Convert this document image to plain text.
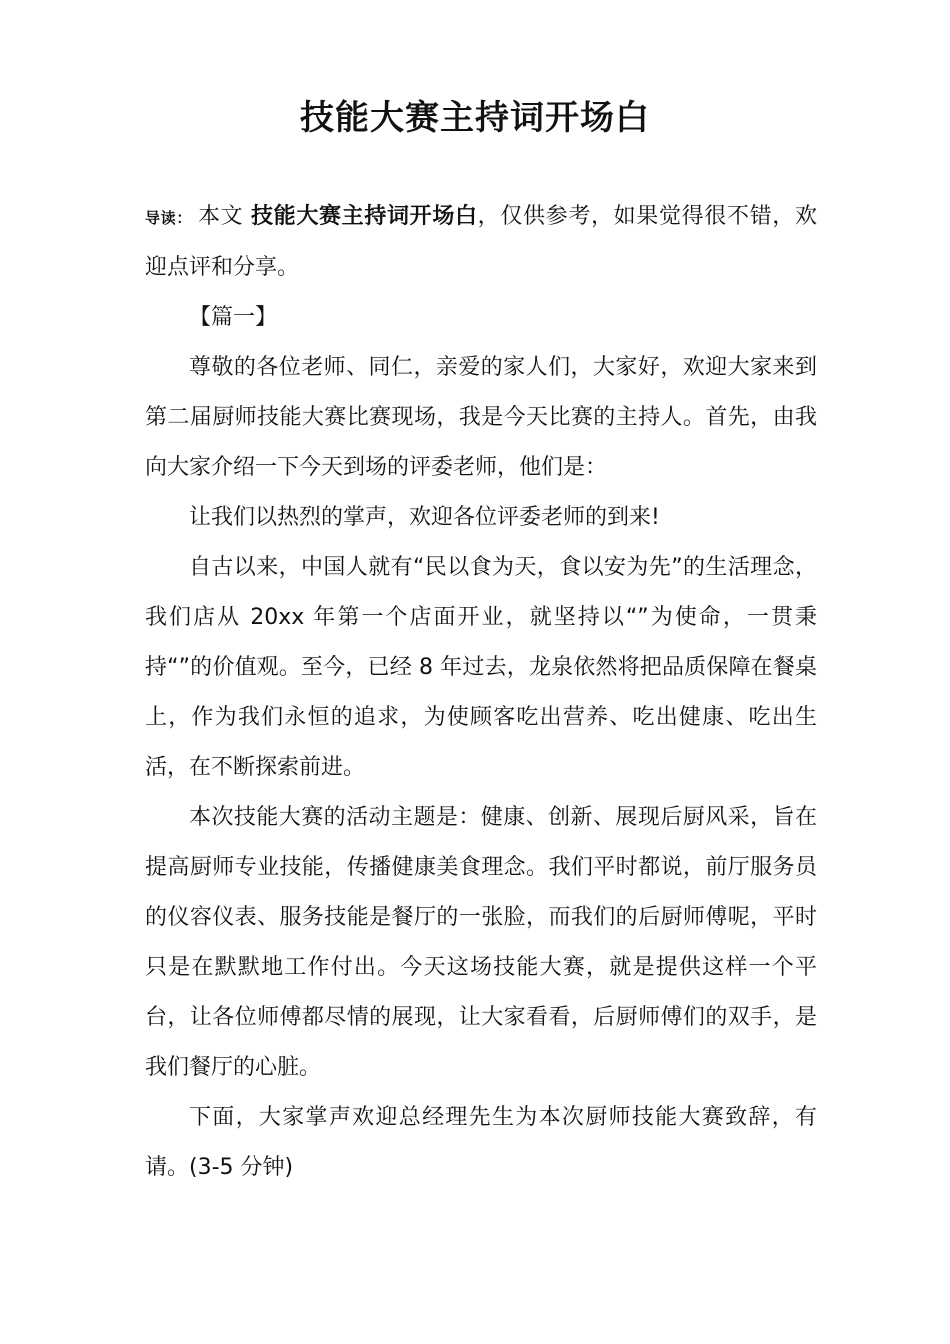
技能大赛主持词开场白

导读： 本文 技能大赛主持词开场白，仅供参考，如果觉得很不错，欢迎点评和分享。

【篇一】

尊敬的各位老师、同仁，亲爱的家人们，大家好，欢迎大家来到第二届厨师技能大赛比赛现场，我是今天比赛的主持人。首先，由我向大家介绍一下今天到场的评委老师，他们是：

让我们以热烈的掌声，欢迎各位评委老师的到来!

自古以来，中国人就有“民以食为天，食以安为先”的生活理念，我们店从 20xx 年第一个店面开业，就坚持以“”为使命，一贯秉持“”的价值观。至今，已经 8 年过去，龙泉依然将把品质保障在餐桌上，作为我们永恒的追求，为使顾客吃出营养、吃出健康、吃出生活，在不断探索前进。

本次技能大赛的活动主题是：健康、创新、展现后厨风采，旨在提高厨师专业技能，传播健康美食理念。我们平时都说，前厅服务员的仪容仪表、服务技能是餐厅的一张脸，而我们的后厨师傅呢，平时只是在默默地工作付出。今天这场技能大赛，就是提供这样一个平台，让各位师傅都尽情的展现，让大家看看，后厨师傅们的双手，是我们餐厅的心脏。

下面，大家掌声欢迎总经理先生为本次厨师技能大赛致辞，有请。(3-5 分钟)
